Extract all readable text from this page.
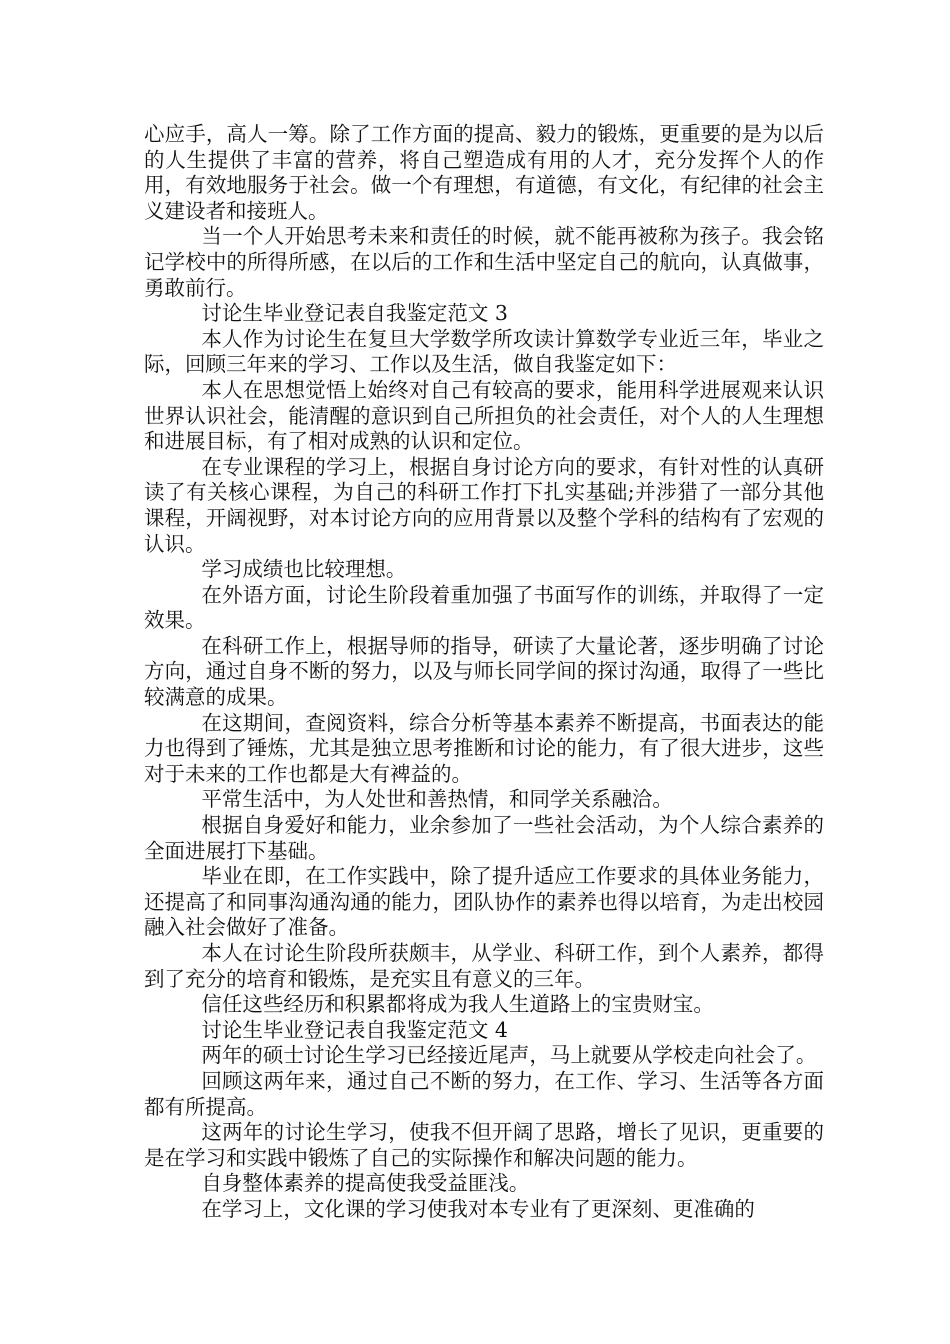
心应手，高人一筹。除了工作方面的提高、毅力的锻炼，更重要的是为以后的人生提供了丰富的营养，将自己塑造成有用的人才，充分发挥个人的作用，有效地服务于社会。做一个有理想，有道德，有文化，有纪律的社会主义建设者和接班人。

当一个人开始思考未来和责任的时候，就不能再被称为孩子。我会铭记学校中的所得所感，在以后的工作和生活中坚定自己的航向，认真做事，勇敢前行。

讨论生毕业登记表自我鉴定范文 3

本人作为讨论生在复旦大学数学所攻读计算数学专业近三年，毕业之际，回顾三年来的学习、工作以及生活，做自我鉴定如下：

本人在思想觉悟上始终对自己有较高的要求，能用科学进展观来认识世界认识社会，能清醒的意识到自己所担负的社会责任，对个人的人生理想和进展目标，有了相对成熟的认识和定位。

在专业课程的学习上，根据自身讨论方向的要求，有针对性的认真研读了有关核心课程，为自己的科研工作打下扎实基础;并涉猎了一部分其他课程，开阔视野，对本讨论方向的应用背景以及整个学科的结构有了宏观的认识。

学习成绩也比较理想。

在外语方面，讨论生阶段着重加强了书面写作的训练，并取得了一定效果。

在科研工作上，根据导师的指导，研读了大量论著，逐步明确了讨论方向，通过自身不断的努力，以及与师长同学间的探讨沟通，取得了一些比较满意的成果。

在这期间，查阅资料，综合分析等基本素养不断提高，书面表达的能力也得到了锤炼，尤其是独立思考推断和讨论的能力，有了很大进步，这些对于未来的工作也都是大有裨益的。

平常生活中，为人处世和善热情，和同学关系融洽。

根据自身爱好和能力，业余参加了一些社会活动，为个人综合素养的全面进展打下基础。

毕业在即，在工作实践中，除了提升适应工作要求的具体业务能力，还提高了和同事沟通沟通的能力，团队协作的素养也得以培育，为走出校园融入社会做好了准备。

本人在讨论生阶段所获颇丰，从学业、科研工作，到个人素养，都得到了充分的培育和锻炼，是充实且有意义的三年。

信任这些经历和积累都将成为我人生道路上的宝贵财宝。

讨论生毕业登记表自我鉴定范文 4

两年的硕士讨论生学习已经接近尾声，马上就要从学校走向社会了。

回顾这两年来，通过自己不断的努力，在工作、学习、生活等各方面都有所提高。

这两年的讨论生学习，使我不但开阔了思路，增长了见识，更重要的是在学习和实践中锻炼了自己的实际操作和解决问题的能力。

自身整体素养的提高使我受益匪浅。

在学习上，文化课的学习使我对本专业有了更深刻、更准确的
